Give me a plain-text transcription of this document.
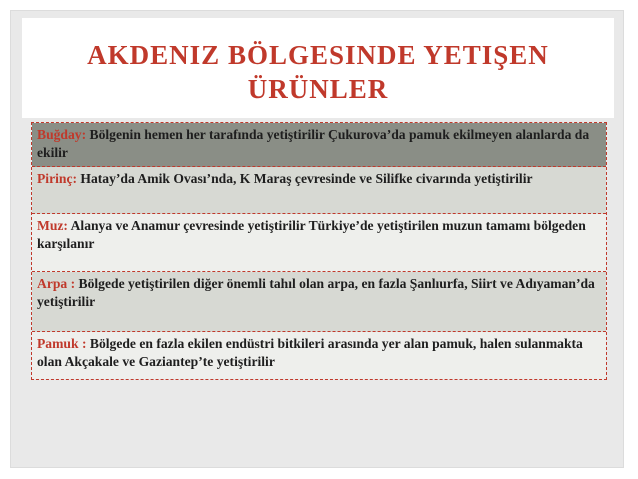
AKDENIZ BÖLGESINDE YETIŞEN
ÜRÜNLER
Buğday: Bölgenin hemen her tarafında yetiştirilir Çukurova’da pamuk ekilmeyen alanlarda da ekilir
Pirinç: Hatay’da Amik Ovası’nda, K Maraş çevresinde ve Silifke civarında yetiştirilir
Muz: Alanya ve Anamur çevresinde yetiştirilir Türkiye’de yetiştirilen muzun tamamı bölgeden karşılanır
Arpa : Bölgede yetiştirilen diğer önemli tahıl olan arpa, en fazla Şanlıurfa, Siirt ve Adıyaman’da yetiştirilir
Pamuk : Bölgede en fazla ekilen endüstri bitkileri arasında yer alan pamuk, halen sulanmakta olan Akçakale ve Gaziantep’te yetiştirilir
